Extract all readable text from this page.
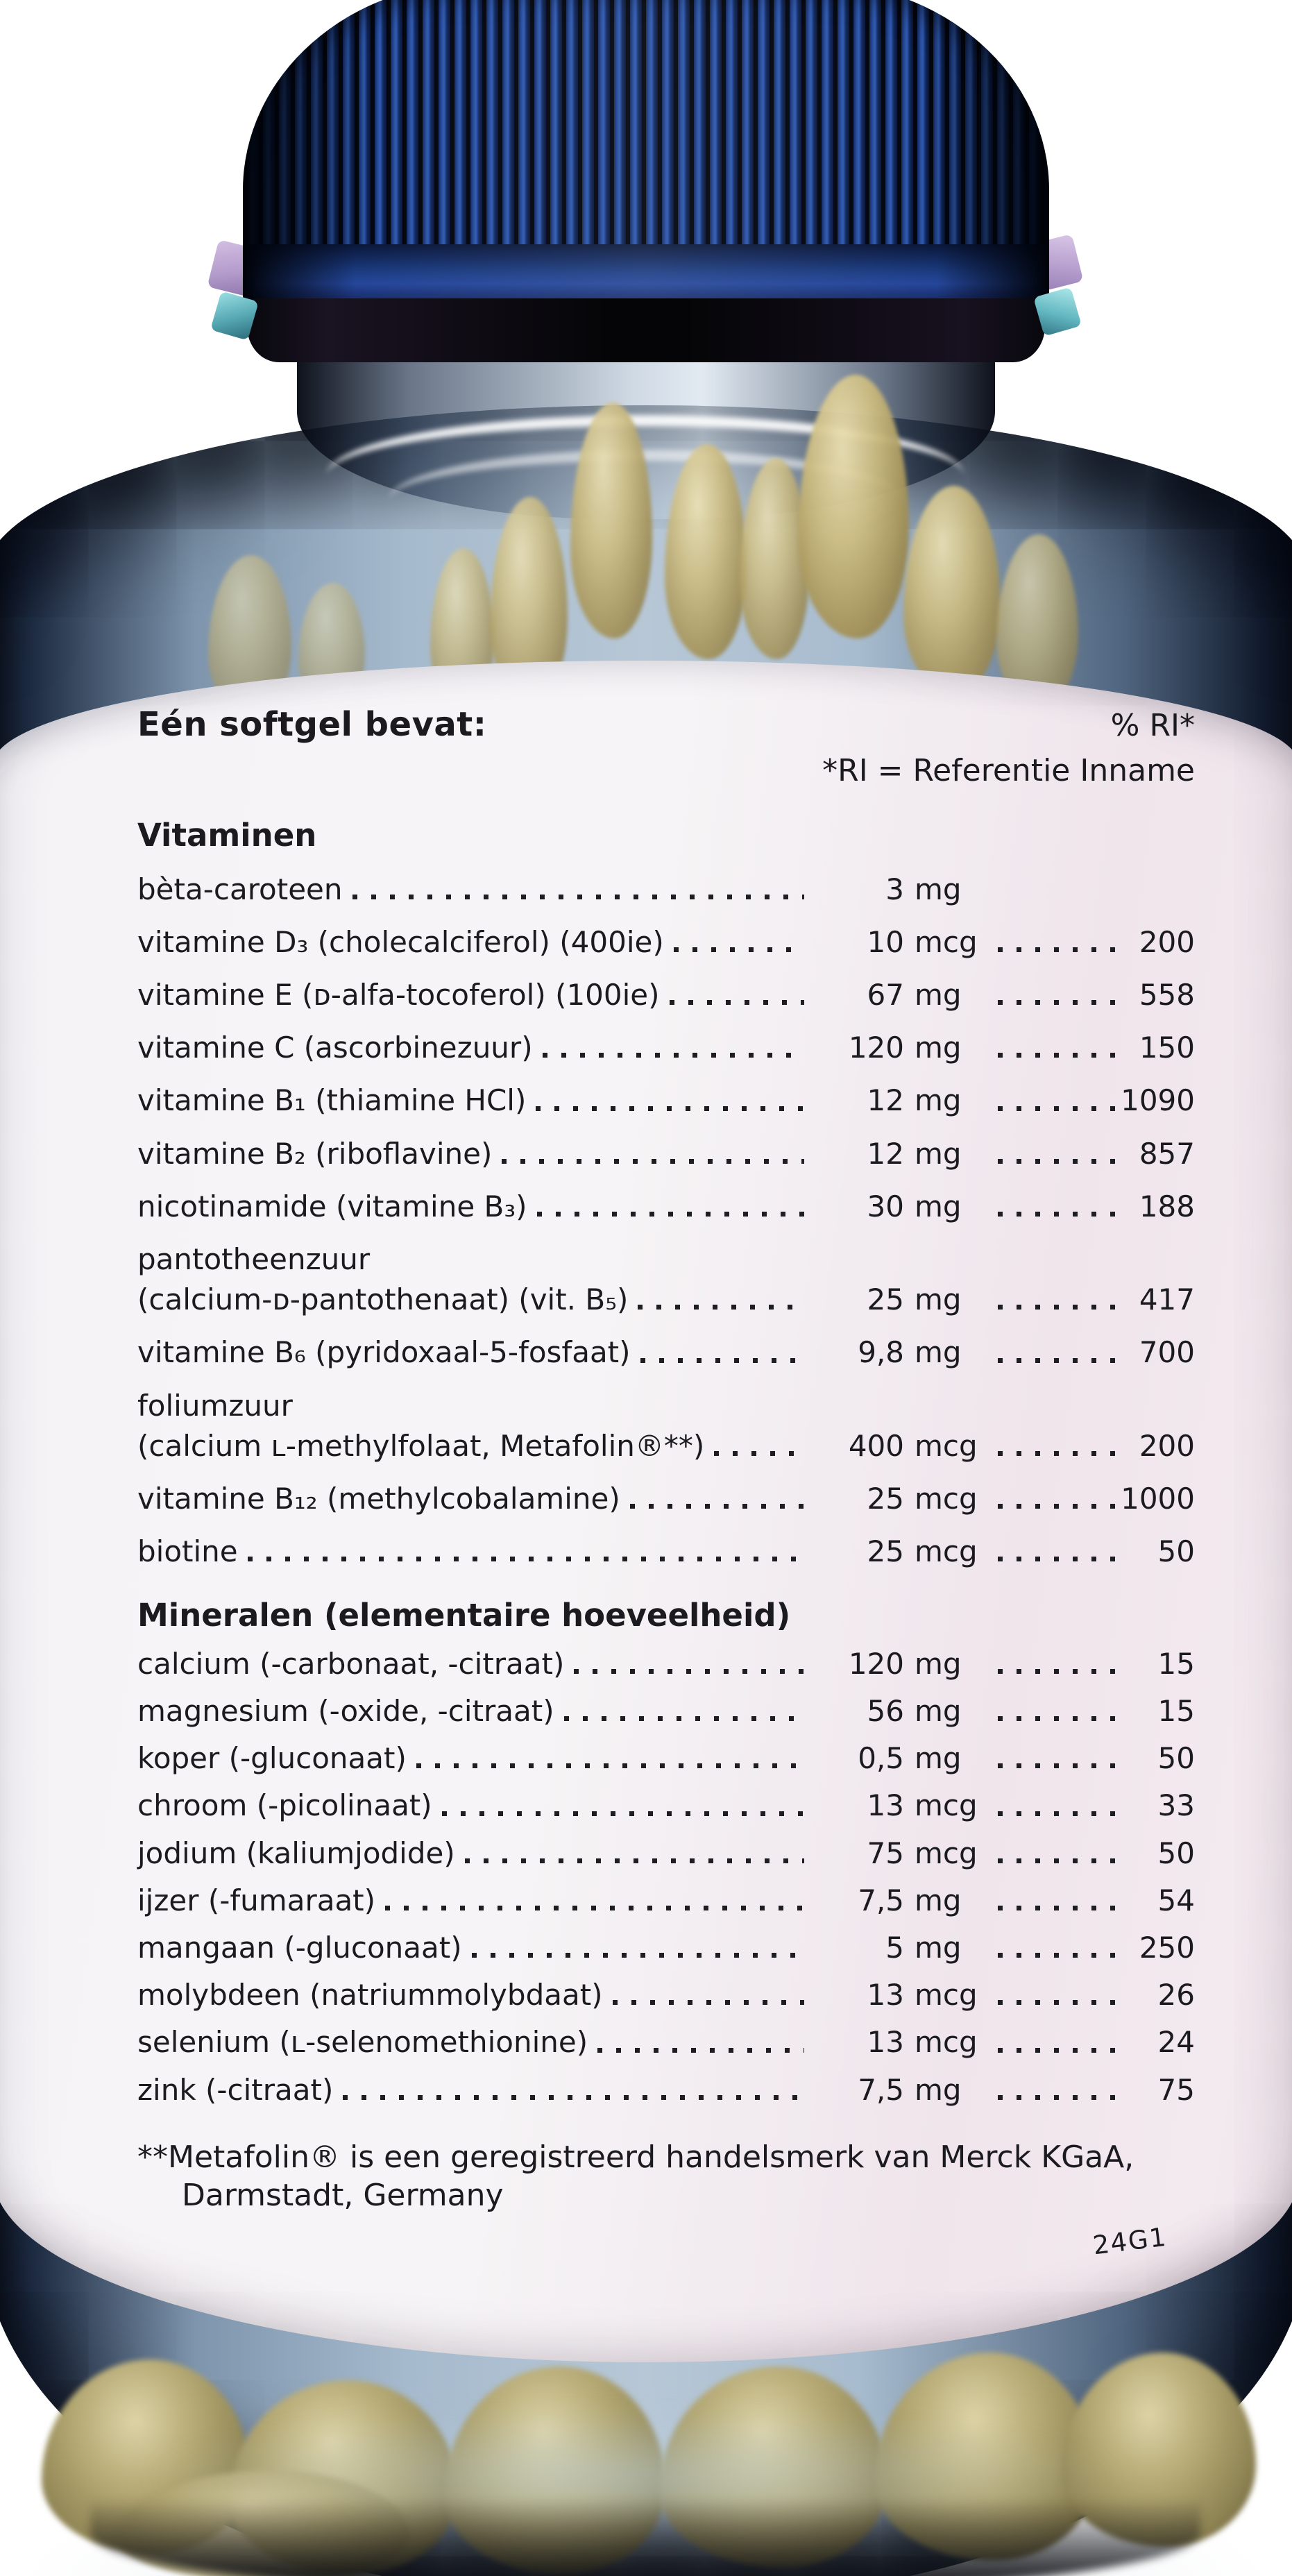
Eén softgel bevat:	% RI*
*RI = Referentie Inname
Vitaminen
bèta-caroteen	3 mg
vitamine D₃ (cholecalciferol) (400ie)	10 mcg	200
vitamine E (ᴅ-alfa-tocoferol) (100ie)	67 mg	558
vitamine C (ascorbinezuur)	120 mg	150
vitamine B₁ (thiamine HCl)	12 mg	1090
vitamine B₂ (riboflavine)	12 mg	857
nicotinamide (vitamine B₃)	30 mg	188
pantotheenzuur
(calcium-ᴅ-pantothenaat) (vit. B₅)	25 mg	417
vitamine B₆ (pyridoxaal-5-fosfaat)	9,8 mg	700
foliumzuur
(calcium ʟ-methylfolaat, Metafolin®**)	400 mcg	200
vitamine B₁₂ (methylcobalamine)	25 mcg	1000
biotine	25 mcg	50
Mineralen (elementaire hoeveelheid)
calcium (-carbonaat, -citraat)	120 mg	15
magnesium (-oxide, -citraat)	56 mg	15
koper (-gluconaat)	0,5 mg	50
chroom (-picolinaat)	13 mcg	33
jodium (kaliumjodide)	75 mcg	50
ijzer (-fumaraat)	7,5 mg	54
mangaan (-gluconaat)	5 mg	250
molybdeen (natriummolybdaat)	13 mcg	26
selenium (ʟ-selenomethionine)	13 mcg	24
zink (-citraat)	7,5 mg	75
**Metafolin® is een geregistreerd handelsmerk van Merck KGaA,
Darmstadt, Germany
24G1
